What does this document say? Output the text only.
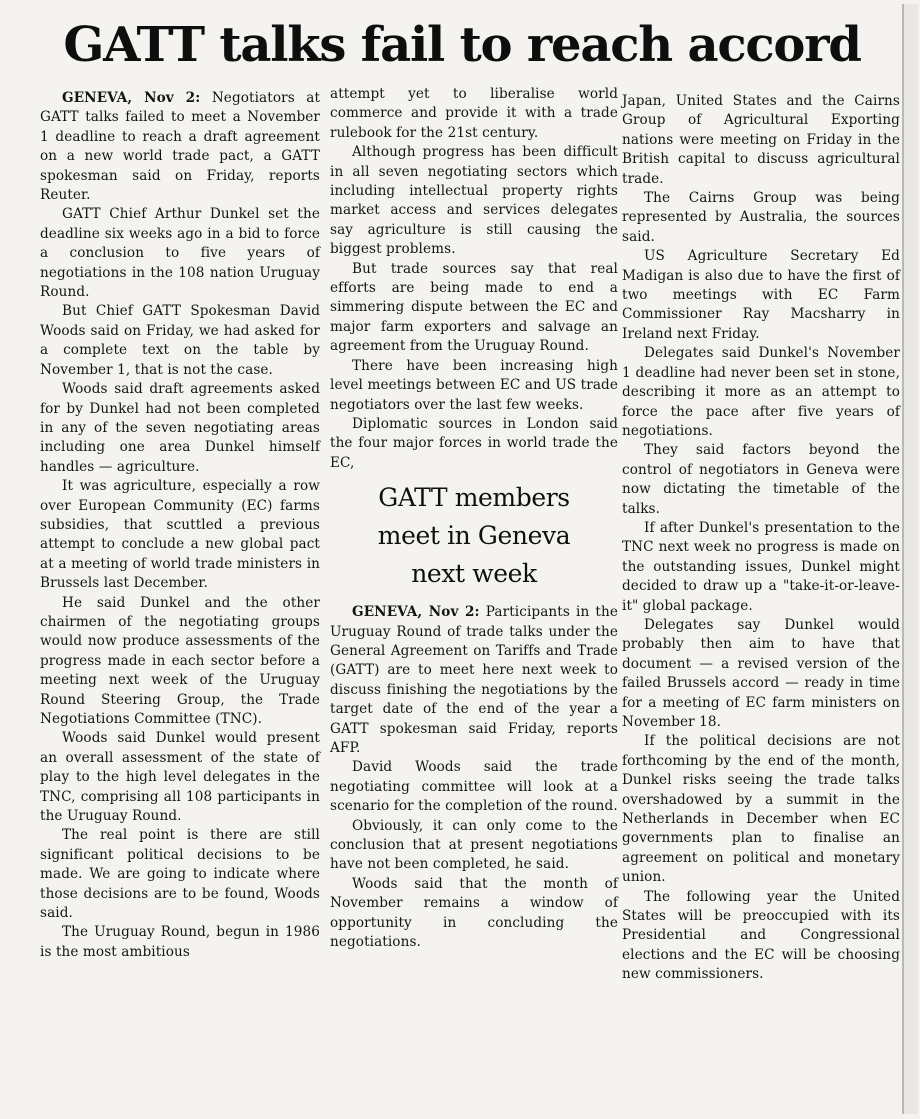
GATT talks fail to reach accord

GENEVA, Nov 2: Negotiators at GATT talks failed to meet a November 1 deadline to reach a draft agreement on a new world trade pact, a GATT spokesman said on Friday, reports Reuter.

GATT Chief Arthur Dunkel set the deadline six weeks ago in a bid to force a conclusion to five years of negotiations in the 108 nation Uruguay Round.

But Chief GATT Spokesman David Woods said on Friday, we had asked for a complete text on the table by November 1, that is not the case.

Woods said draft agreements asked for by Dunkel had not been completed in any of the seven negotiating areas including one area Dunkel himself handles — agriculture.

It was agriculture, especially a row over European Community (EC) farms subsidies, that scuttled a previous attempt to conclude a new global pact at a meeting of world trade ministers in Brussels last December.

He said Dunkel and the other chairmen of the negotiating groups would now produce assessments of the progress made in each sector before a meeting next week of the Uruguay Round Steering Group, the Trade Negotiations Committee (TNC).

Woods said Dunkel would present an overall assessment of the state of play to the high level delegates in the TNC, comprising all 108 participants in the Uruguay Round.

The real point is there are still significant political decisions to be made. We are going to indicate where those decisions are to be found, Woods said.

The Uruguay Round, begun in 1986 is the most ambitious

attempt yet to liberalise world commerce and provide it with a trade rulebook for the 21st century.

Although progress has been difficult in all seven negotiating sectors which including intellectual property rights market access and services delegates say agriculture is still causing the biggest problems.

But trade sources say that real efforts are being made to end a simmering dispute between the EC and major farm exporters and salvage an agreement from the Uruguay Round.

There have been increasing high level meetings between EC and US trade negotiators over the last few weeks.

Diplomatic sources in London said the four major forces in world trade the EC,

GATT members
meet in Geneva
next week

GENEVA, Nov 2: Participants in the Uruguay Round of trade talks under the General Agreement on Tariffs and Trade (GATT) are to meet here next week to discuss finishing the negotiations by the target date of the end of the year a GATT spokesman said Friday, reports AFP.

David Woods said the trade negotiating committee will look at a scenario for the completion of the round.

Obviously, it can only come to the conclusion that at present negotiations have not been completed, he said.

Woods said that the month of November remains a window of opportunity in concluding the negotiations.

Japan, United States and the Cairns Group of Agricultural Exporting nations were meeting on Friday in the British capital to discuss agricultural trade.

The Cairns Group was being represented by Australia, the sources said.

US Agriculture Secretary Ed Madigan is also due to have the first of two meetings with EC Farm Commissioner Ray Macsharry in Ireland next Friday.

Delegates said Dunkel's November 1 deadline had never been set in stone, describing it more as an attempt to force the pace after five years of negotiations.

They said factors beyond the control of negotiators in Geneva were now dictating the timetable of the talks.

If after Dunkel's presentation to the TNC next week no progress is made on the outstanding issues, Dunkel might decided to draw up a "take-it-or-leave-it" global package.

Delegates say Dunkel would probably then aim to have that document — a revised version of the failed Brussels accord — ready in time for a meeting of EC farm ministers on November 18.

If the political decisions are not forthcoming by the end of the month, Dunkel risks seeing the trade talks overshadowed by a summit in the Netherlands in December when EC governments plan to finalise an agreement on political and monetary union.

The following year the United States will be preoccupied with its Presidential and Congressional elections and the EC will be choosing new commissioners.
